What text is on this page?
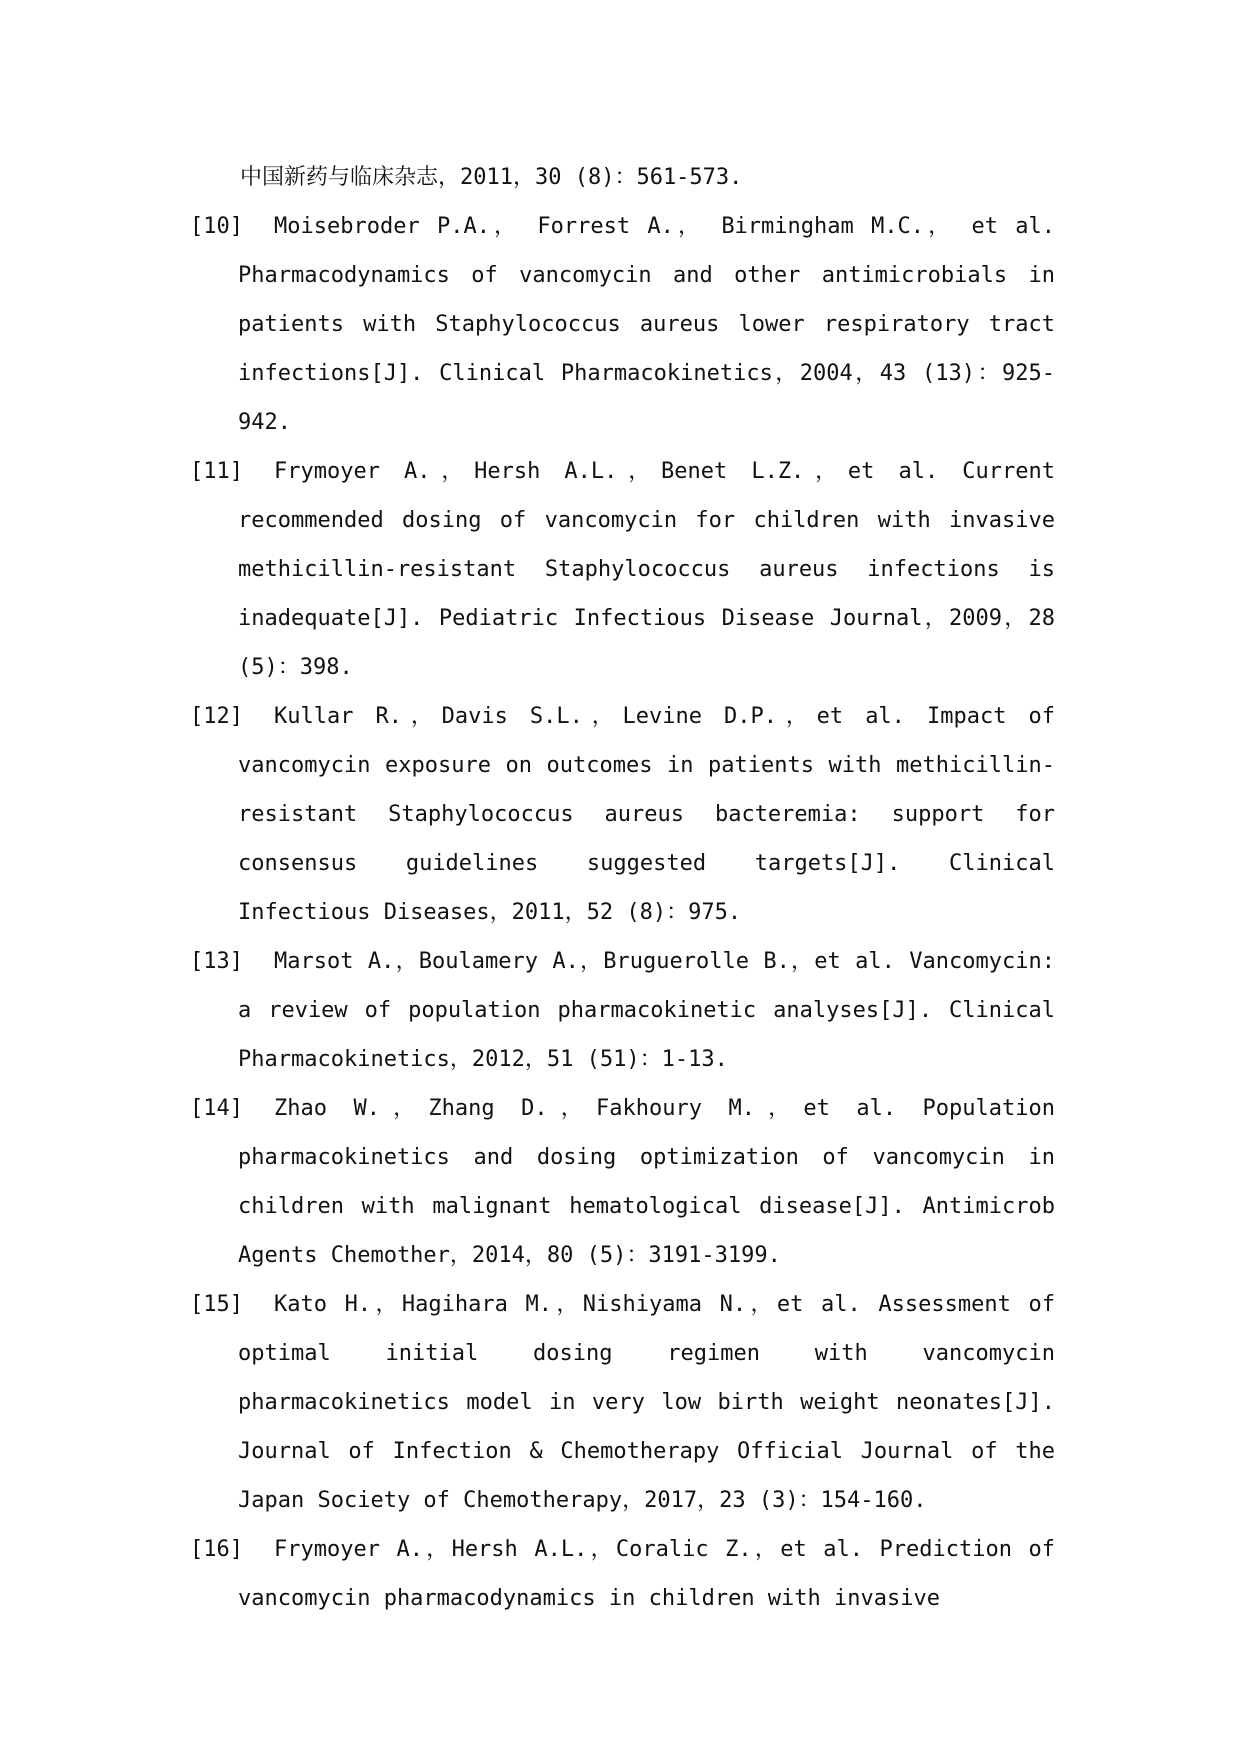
中国新药与临床杂志，2011，30 (8)：561-573.

[10]	Moisebroder P.A.， Forrest A.， Birmingham M.C.， et al. Pharmacodynamics of vancomycin and other antimicrobials in patients with Staphylococcus aureus lower respiratory tract infections[J]. Clinical Pharmacokinetics，2004，43 (13)：925-942.
[11]	Frymoyer A.，Hersh A.L.，Benet L.Z.，et al. Current recommended dosing of vancomycin for children with invasive methicillin-resistant Staphylococcus aureus infections is inadequate[J]. Pediatric Infectious Disease Journal，2009，28 (5)：398.
[12]	Kullar R.，Davis S.L.，Levine D.P.，et al. Impact of vancomycin exposure on outcomes in patients with methicillin-resistant Staphylococcus aureus bacteremia: support for consensus guidelines suggested targets[J]. Clinical Infectious Diseases，2011，52 (8)：975.
[13]	Marsot A.，Boulamery A.，Bruguerolle B.，et al. Vancomycin: a review of population pharmacokinetic analyses[J]. Clinical Pharmacokinetics，2012，51 (51)：1-13.
[14]	Zhao W.，Zhang D.，Fakhoury M.，et al. Population pharmacokinetics and dosing optimization of vancomycin in children with malignant hematological disease[J]. Antimicrob Agents Chemother，2014，80 (5)：3191-3199.
[15]	Kato H.，Hagihara M.，Nishiyama N.，et al. Assessment of optimal initial dosing regimen with vancomycin pharmacokinetics model in very low birth weight neonates[J]. Journal of Infection & Chemotherapy Official Journal of the Japan Society of Chemotherapy，2017，23 (3)：154-160.
[16]	Frymoyer A.，Hersh A.L.，Coralic Z.，et al. Prediction of vancomycin pharmacodynamics in children with invasive
